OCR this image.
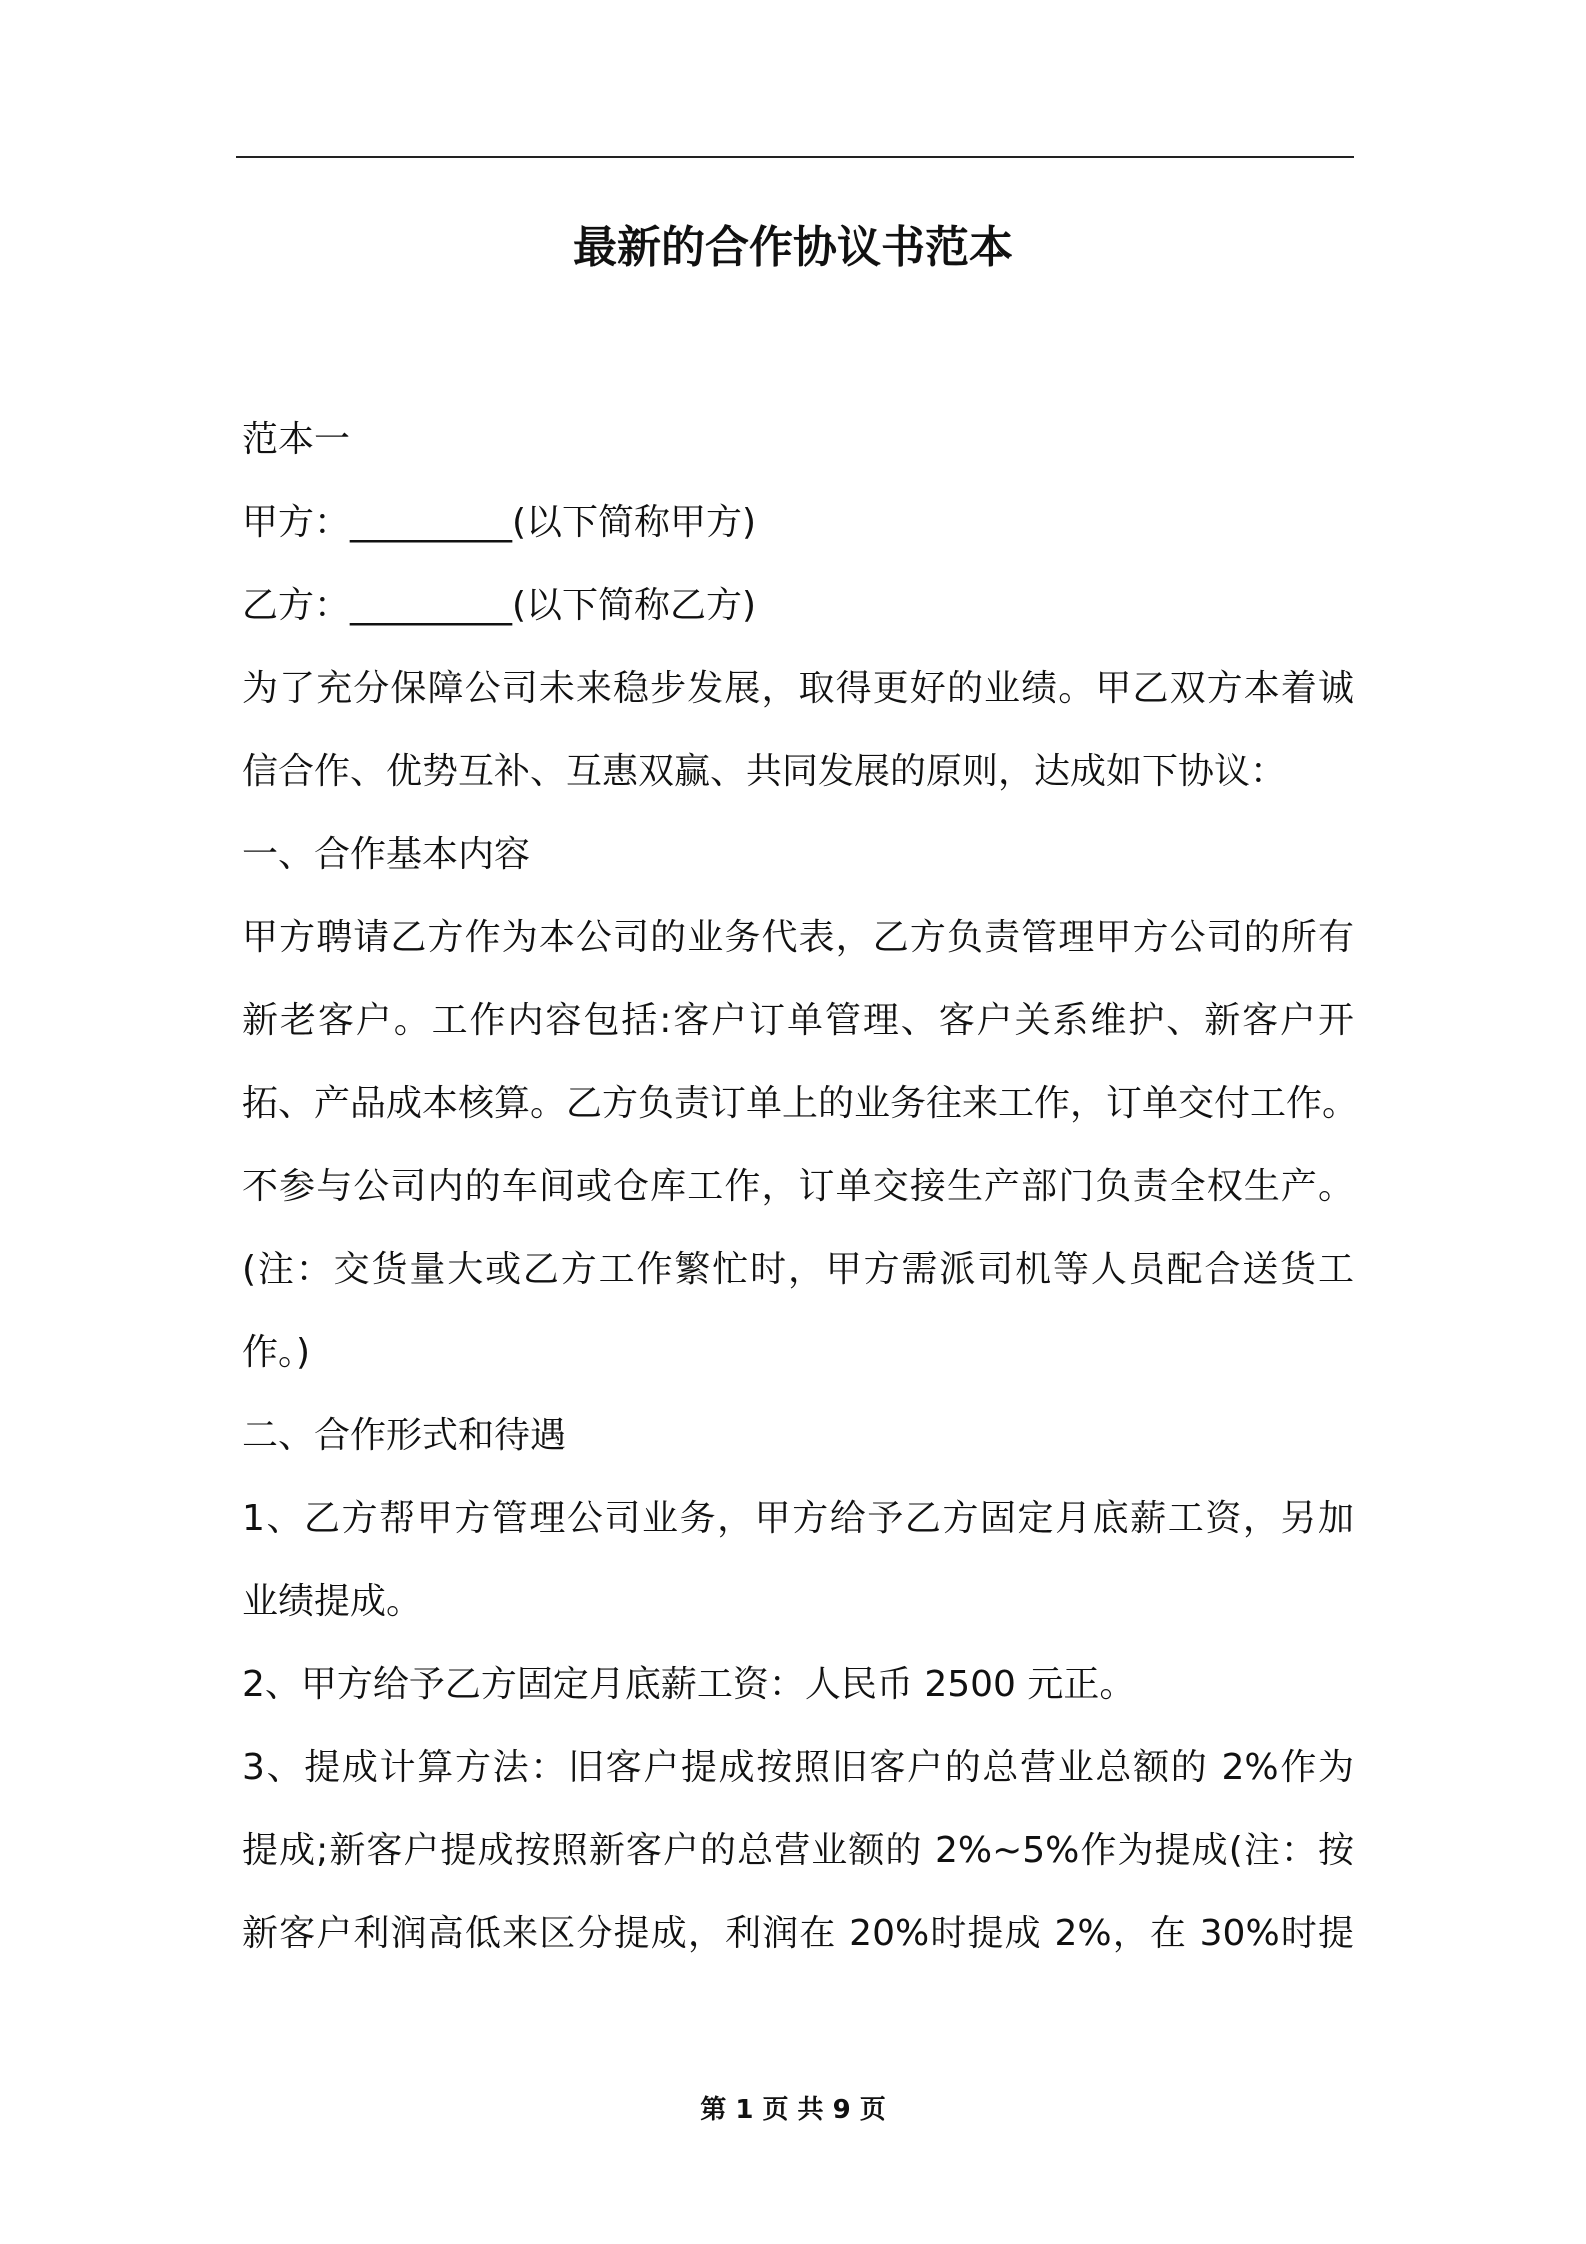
最新的合作协议书范本
范本一
甲方：_________(以下简称甲方)
乙方：_________(以下简称乙方)
为了充分保障公司未来稳步发展，取得更好的业绩。甲乙双方本着诚
信合作、优势互补、互惠双赢、共同发展的原则，达成如下协议：
一、合作基本内容
甲方聘请乙方作为本公司的业务代表，乙方负责管理甲方公司的所有
新老客户。工作内容包括:客户订单管理、客户关系维护、新客户开
拓、产品成本核算。乙方负责订单上的业务往来工作，订单交付工作。
不参与公司内的车间或仓库工作，订单交接生产部门负责全权生产。
(注：交货量大或乙方工作繁忙时，甲方需派司机等人员配合送货工
作。)
二、合作形式和待遇
1、乙方帮甲方管理公司业务，甲方给予乙方固定月底薪工资，另加
业绩提成。
2、甲方给予乙方固定月底薪工资：人民币 2500 元正。
3、提成计算方法：旧客户提成按照旧客户的总营业总额的 2%作为
提成;新客户提成按照新客户的总营业额的 2%~5%作为提成(注：按
新客户利润高低来区分提成，利润在 20%时提成 2%，在 30%时提
第 1 页 共 9 页
